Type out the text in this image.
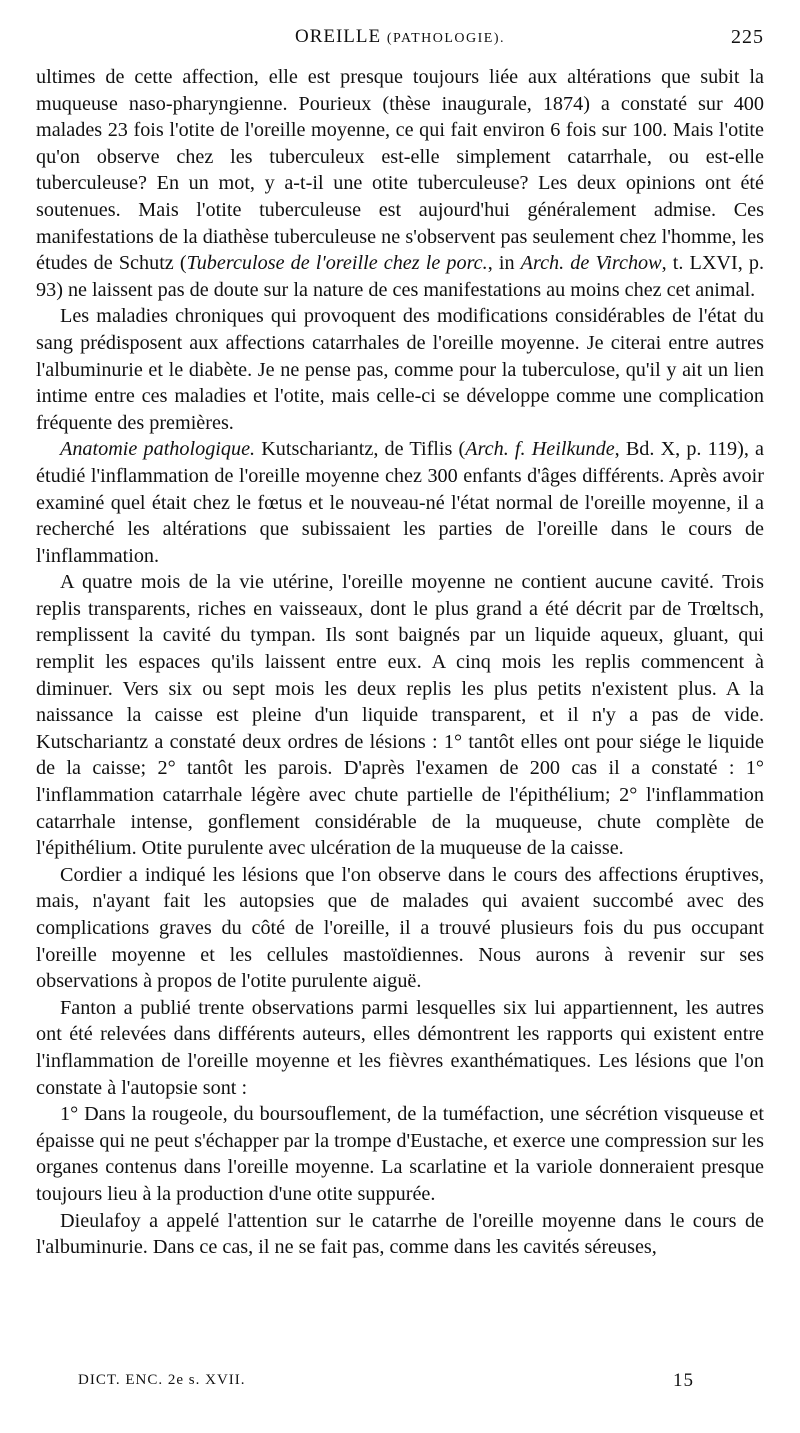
OREILLE (PATHOLOGIE).	225

ultimes de cette affection, elle est presque toujours liée aux altérations que subit la muqueuse naso-pharyngienne. Pourieux (thèse inaugurale, 1874) a constaté sur 400 malades 23 fois l'otite de l'oreille moyenne, ce qui fait environ 6 fois sur 100. Mais l'otite qu'on observe chez les tuberculeux est-elle simplement catarrhale, ou est-elle tuberculeuse? En un mot, y a-t-il une otite tuberculeuse? Les deux opinions ont été soutenues. Mais l'otite tuberculeuse est aujourd'hui généralement admise. Ces manifestations de la diathèse tuberculeuse ne s'observent pas seulement chez l'homme, les études de Schutz (Tuberculose de l'oreille chez le porc., in Arch. de Virchow, t. LXVI, p. 93) ne laissent pas de doute sur la nature de ces manifestations au moins chez cet animal.

Les maladies chroniques qui provoquent des modifications considérables de l'état du sang prédisposent aux affections catarrhales de l'oreille moyenne. Je citerai entre autres l'albuminurie et le diabète. Je ne pense pas, comme pour la tuberculose, qu'il y ait un lien intime entre ces maladies et l'otite, mais celle-ci se développe comme une complication fréquente des premières.

Anatomie pathologique. Kutschariantz, de Tiflis (Arch. f. Heilkunde, Bd. X, p. 119), a étudié l'inflammation de l'oreille moyenne chez 300 enfants d'âges différents. Après avoir examiné quel était chez le fœtus et le nouveau-né l'état normal de l'oreille moyenne, il a recherché les altérations que subissaient les parties de l'oreille dans le cours de l'inflammation.

A quatre mois de la vie utérine, l'oreille moyenne ne contient aucune cavité. Trois replis transparents, riches en vaisseaux, dont le plus grand a été décrit par de Trœltsch, remplissent la cavité du tympan. Ils sont baignés par un liquide aqueux, gluant, qui remplit les espaces qu'ils laissent entre eux. A cinq mois les replis commencent à diminuer. Vers six ou sept mois les deux replis les plus petits n'existent plus. A la naissance la caisse est pleine d'un liquide transparent, et il n'y a pas de vide. Kutschariantz a constaté deux ordres de lésions : 1° tantôt elles ont pour siége le liquide de la caisse; 2° tantôt les parois. D'après l'examen de 200 cas il a constaté : 1° l'inflammation catarrhale légère avec chute partielle de l'épithélium; 2° l'inflammation catarrhale intense, gonflement considérable de la muqueuse, chute complète de l'épithélium. Otite purulente avec ulcération de la muqueuse de la caisse.

Cordier a indiqué les lésions que l'on observe dans le cours des affections éruptives, mais, n'ayant fait les autopsies que de malades qui avaient succombé avec des complications graves du côté de l'oreille, il a trouvé plusieurs fois du pus occupant l'oreille moyenne et les cellules mastoïdiennes. Nous aurons à revenir sur ses observations à propos de l'otite purulente aiguë.

Fanton a publié trente observations parmi lesquelles six lui appartiennent, les autres ont été relevées dans différents auteurs, elles démontrent les rapports qui existent entre l'inflammation de l'oreille moyenne et les fièvres exanthématiques. Les lésions que l'on constate à l'autopsie sont :

1° Dans la rougeole, du boursouflement, de la tuméfaction, une sécrétion visqueuse et épaisse qui ne peut s'échapper par la trompe d'Eustache, et exerce une compression sur les organes contenus dans l'oreille moyenne. La scarlatine et la variole donneraient presque toujours lieu à la production d'une otite suppurée.

Dieulafoy a appelé l'attention sur le catarrhe de l'oreille moyenne dans le cours de l'albuminurie. Dans ce cas, il ne se fait pas, comme dans les cavités séreuses,

DICT. ENC. 2e s. XVII.	15
